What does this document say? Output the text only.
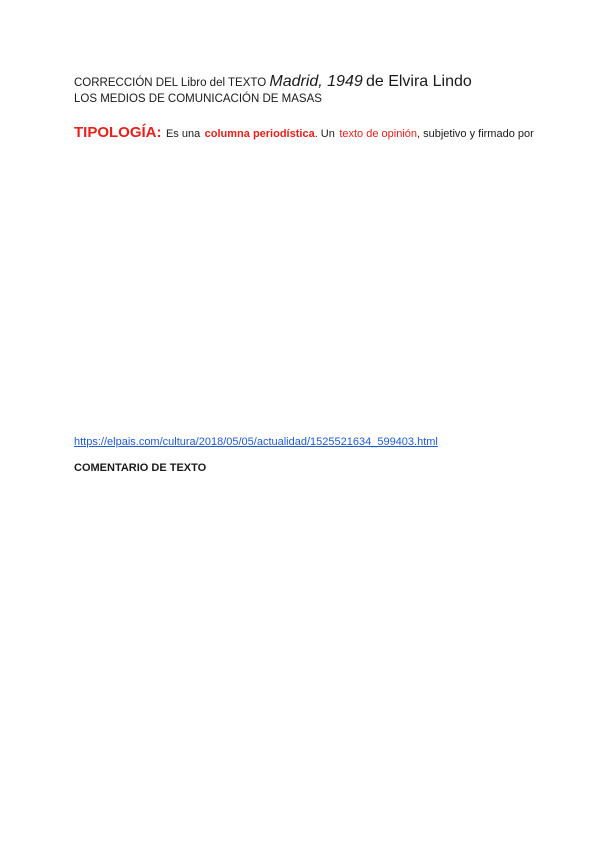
CORRECCIÓN DEL Libro del TEXTO Madrid, 1949 de Elvira Lindo
LOS MEDIOS DE COMUNICACIÓN DE MASAS
TIPOLOGÍA: Es una columna periodística. Un texto de opinión, subjetivo y firmado por
https://elpais.com/cultura/2018/05/05/actualidad/1525521634_599403.html
COMENTARIO DE TEXTO
